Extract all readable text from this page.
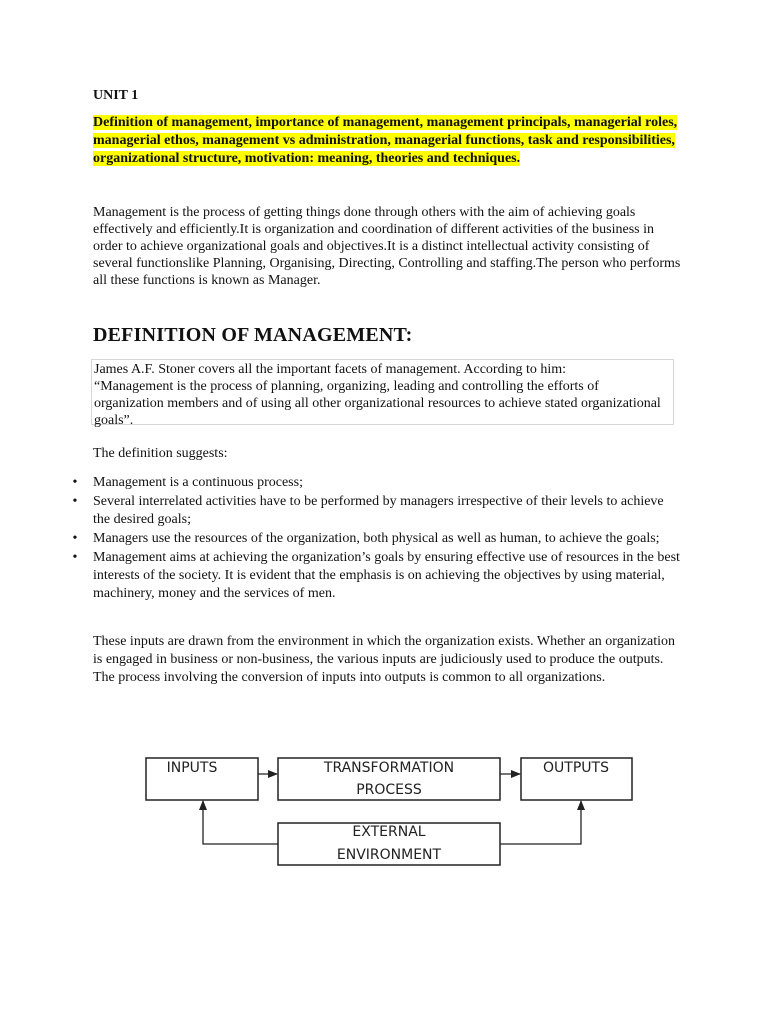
UNIT 1

Definition of management, importance of management, management principals, managerial roles, managerial ethos, management vs administration, managerial functions, task and responsibilities, organizational structure, motivation: meaning, theories and techniques.

Management is the process of getting things done through others with the aim of achieving goals effectively and efficiently.It is organization and coordination of different activities of the business in order to achieve organizational goals and objectives.It is a distinct intellectual activity consisting of several functionslike Planning, Organising, Directing, Controlling and staffing.The person who performs all these functions is known as Manager.

DEFINITION OF MANAGEMENT:

James A.F. Stoner covers all the important facets of management. According to him:

“Management is the process of planning, organizing, leading and controlling the efforts of organization members and of using all other organizational resources to achieve stated organizational goals”.

The definition suggests:

• Management is a continuous process;
• Several interrelated activities have to be performed by managers irrespective of their levels to achieve the desired goals;
• Managers use the resources of the organization, both physical as well as human, to achieve the goals;
• Management aims at achieving the organization’s goals by ensuring effective use of resources in the best interests of the society. It is evident that the emphasis is on achieving the objectives by using material, machinery, money and the services of men.

These inputs are drawn from the environment in which the organization exists. Whether an organization is engaged in business or non-business, the various inputs are judiciously used to produce the outputs. The process involving the conversion of inputs into outputs is common to all organizations.

INPUTS	TRANSFORMATION
PROCESS
OUTPUTS
EXTERNAL
ENVIRONMENT
